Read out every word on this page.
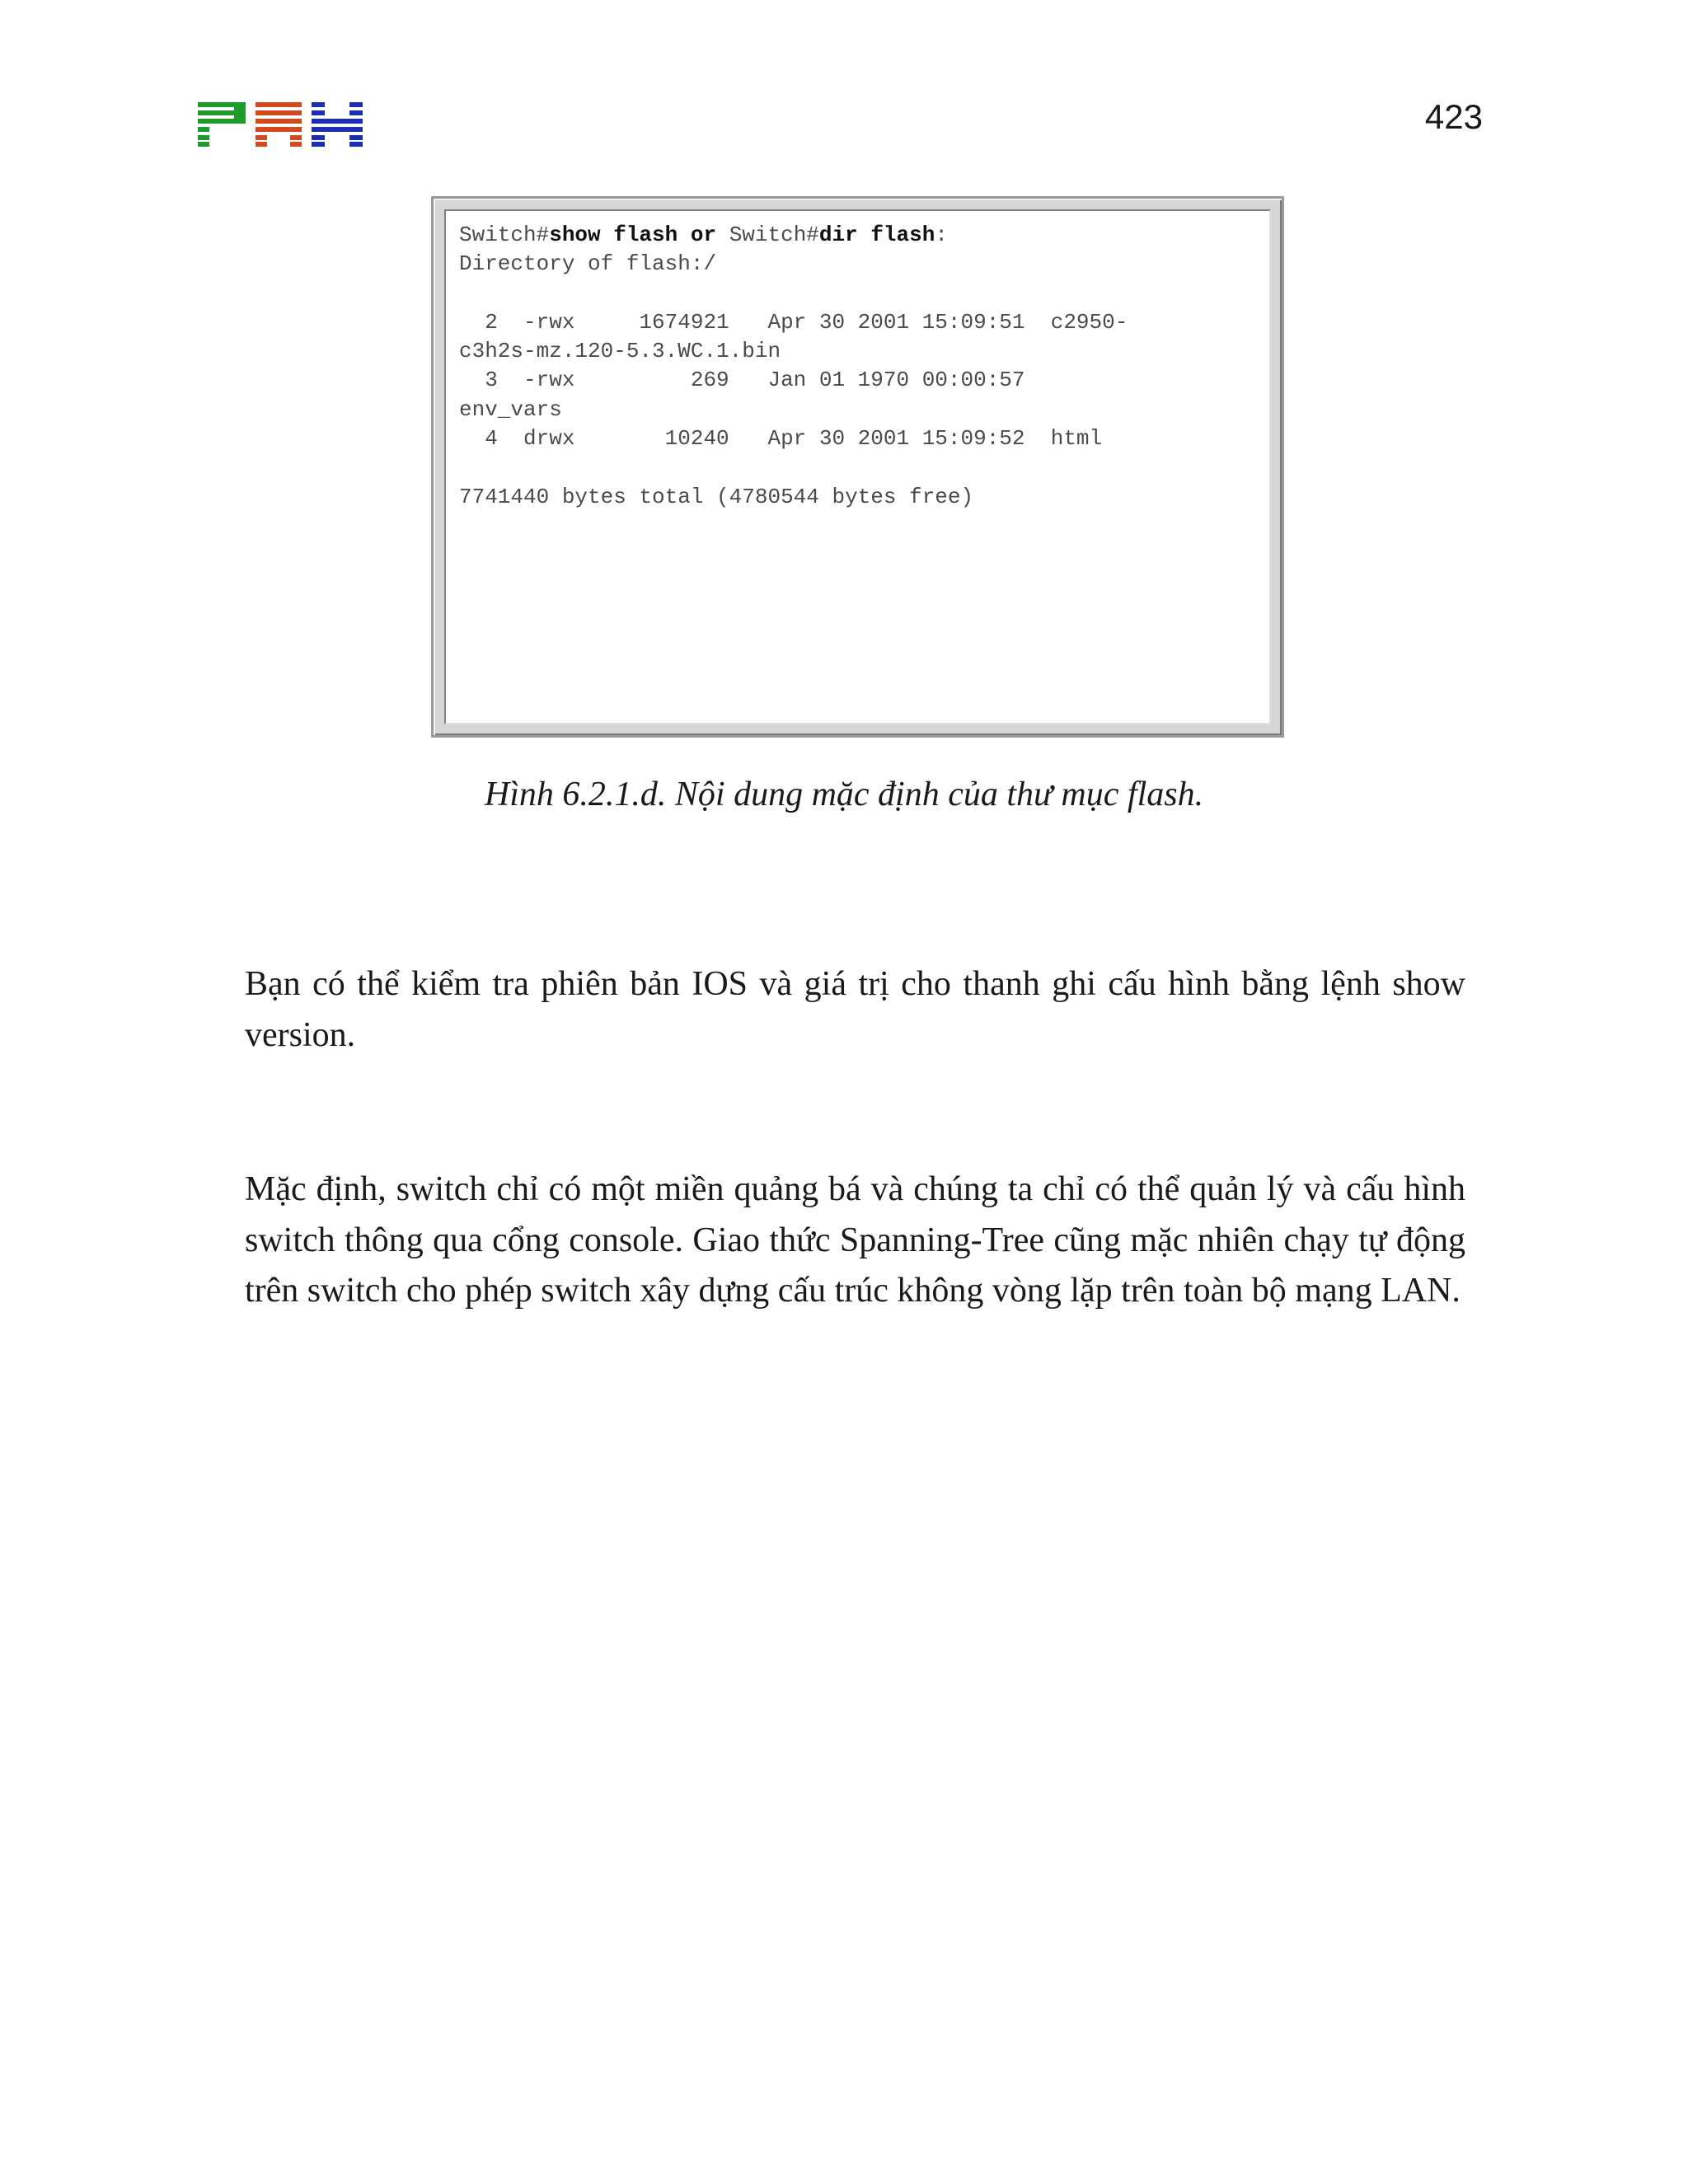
423
Switch#show flash or Switch#dir flash:
Directory of flash:/
2  -rwx     1674921   Apr 30 2001 15:09:51  c2950-
c3h2s-mz.120-5.3.WC.1.bin
3  -rwx         269   Jan 01 1970 00:00:57
env_vars
4  drwx       10240   Apr 30 2001 15:09:52  html
7741440 bytes total (4780544 bytes free)
Hình 6.2.1.d. Nội dung mặc định của thư mục flash.

Bạn có thể kiểm tra phiên bản IOS và giá trị cho thanh ghi cấu hình bằng lệnh show version.

Mặc định, switch chỉ có một miền quảng bá và chúng ta chỉ có thể quản lý và cấu hình switch thông qua cổng console. Giao thức Spanning-Tree cũng mặc nhiên chạy tự động trên switch cho phép switch xây dựng cấu trúc không vòng lặp trên toàn bộ mạng LAN.
